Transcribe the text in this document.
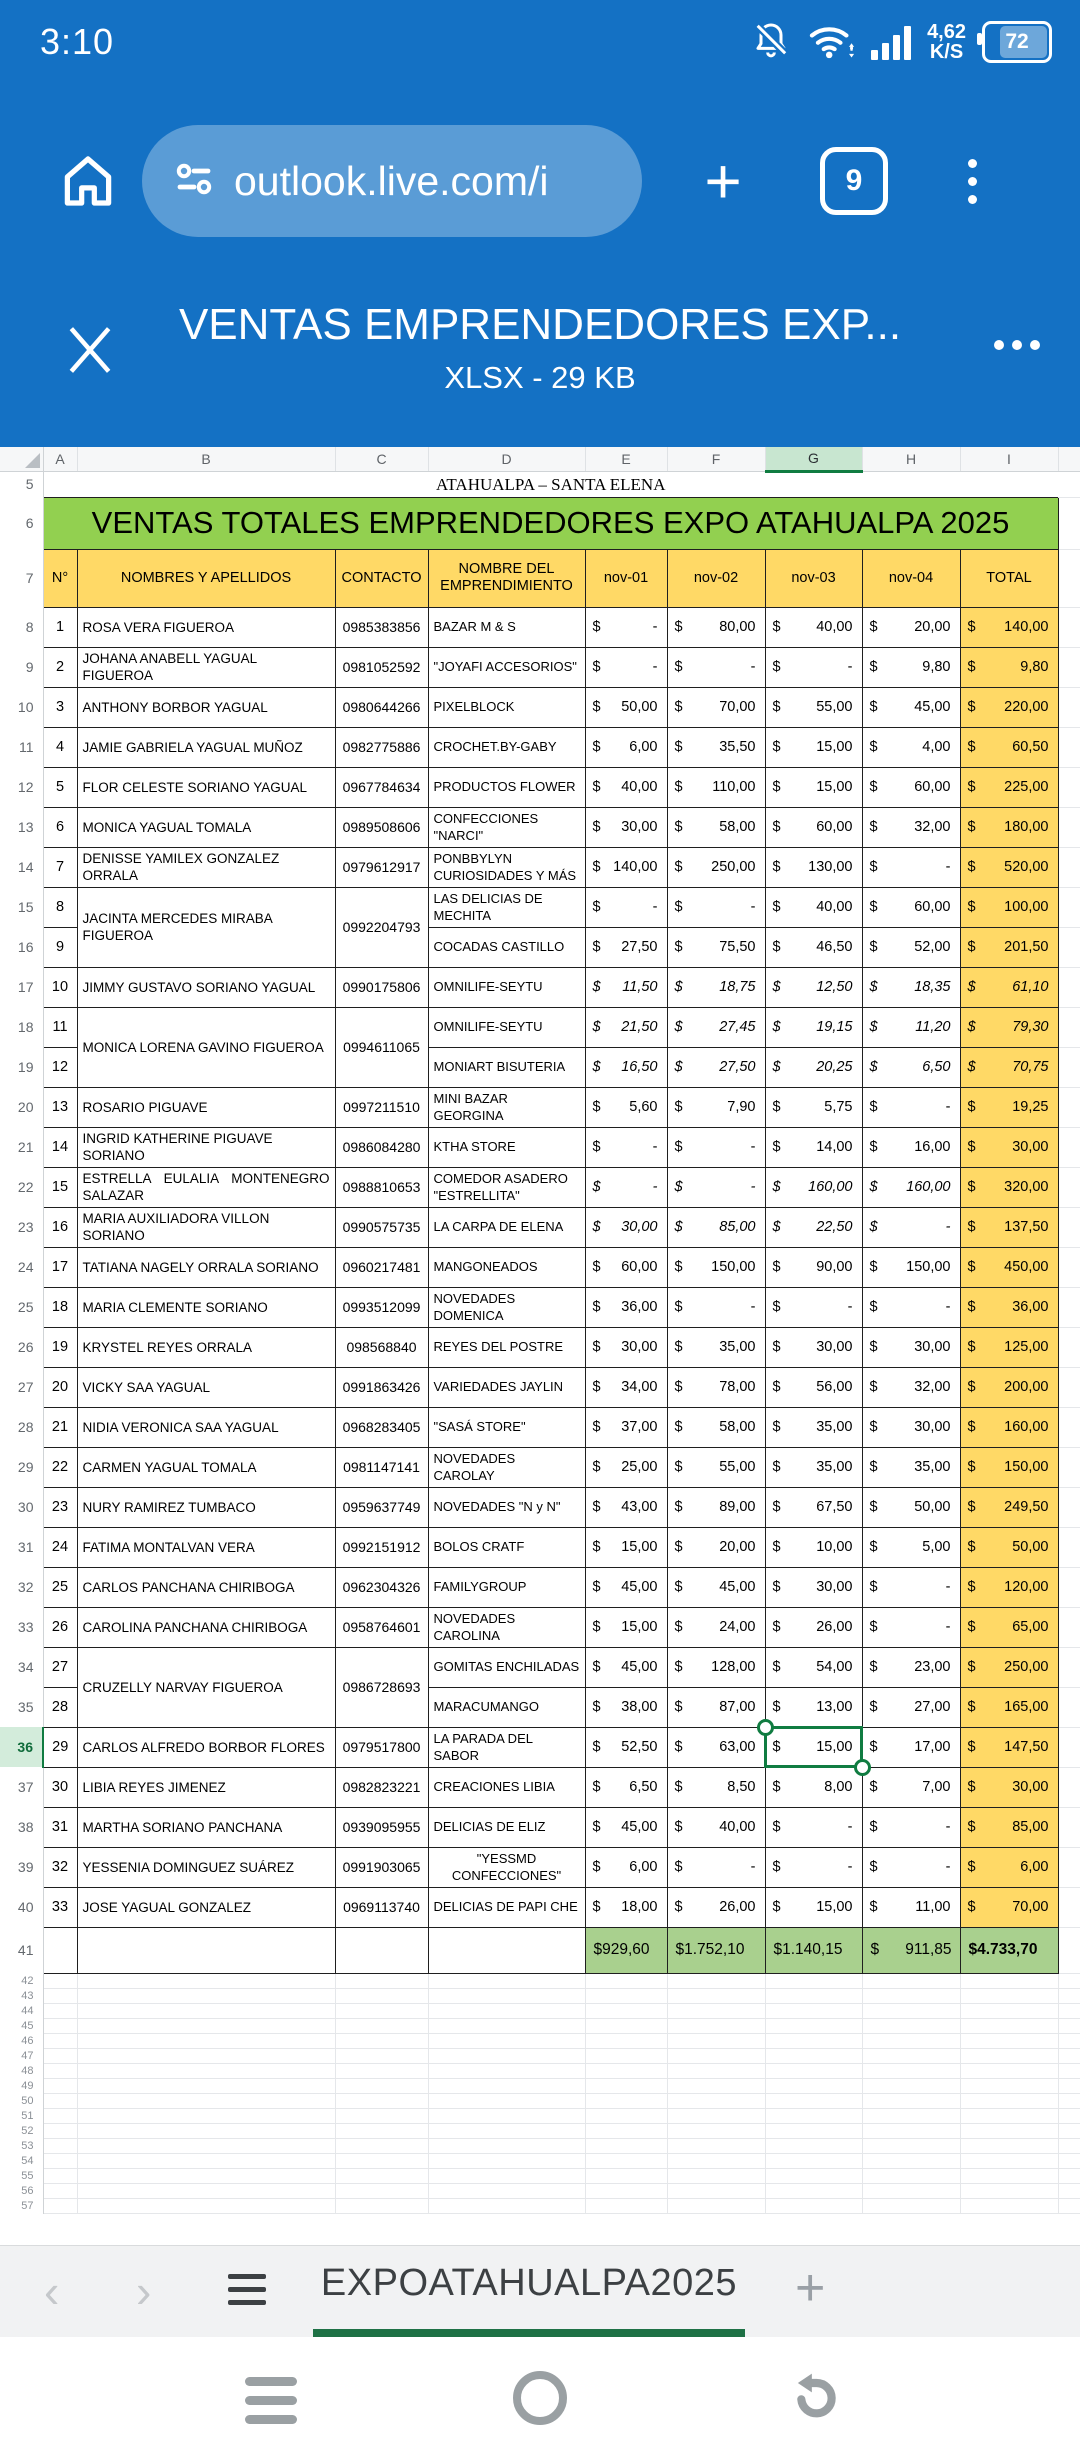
3:10	4,62
K/S 72
outlook.live.com/i +	9
VENTAS EMPRENDEDORES EXP...
XLSX - 29 KB
	A	B	C	D	E	F	G	H	I	
5	ATAHUALPA – SANTA ELENA									
6	VENTAS TOTALES EMPRENDEDORES EXPO ATAHUALPA 2025									
7	N°	NOMBRES Y APELLIDOS	CONTACTO	NOMBRE DEL EMPRENDIMIENTO	nov-01	nov-02	nov-03	nov-04	TOTAL	
8	1	ROSA VERA FIGUEROA	0985383856	BAZAR M & S	$ -	$ 80,00	$ 40,00	$ 20,00	$ 140,00	

9	2	JOHANA ANABELL YAGUAL FIGUEROA	0981052592	"JOYAFI ACCESORIOS"	$ -	$ -	$ -	$ 9,80	$ 9,80	

10	3	ANTHONY BORBOR YAGUAL	0980644266	PIXELBLOCK	$ 50,00	$ 70,00	$ 55,00	$ 45,00	$ 220,00	

11	4	JAMIE GABRIELA YAGUAL MUÑOZ	0982775886	CROCHET.BY-GABY	$ 6,00	$ 35,50	$ 15,00	$ 4,00	$ 60,50	

12	5	FLOR CELESTE SORIANO YAGUAL	0967784634	PRODUCTOS FLOWER	$ 40,00	$ 110,00	$ 15,00	$ 60,00	$ 225,00	

13	6	MONICA YAGUAL TOMALA	0989508606	CONFECCIONES "NARCI"	$ 30,00	$ 58,00	$ 60,00	$ 32,00	$ 180,00	

14	7	DENISSE YAMILEX GONZALEZ ORRALA	0979612917	PONBBYLYN CURIOSIDADES Y MÁS	$ 140,00	$ 250,00	$ 130,00	$ -	$ 520,00	

15	8	JACINTA MERCEDES MIRABA FIGUEROA	0992204793	LAS DELICIAS DE MECHITA	$ -	$ -	$ 40,00	$ 60,00	$ 100,00	

16	9			COCADAS CASTILLO	$ 27,50	$ 75,50	$ 46,50	$ 52,00	$ 201,50	

17	10	JIMMY GUSTAVO SORIANO YAGUAL	0990175806	OMNILIFE-SEYTU	$ 11,50	$ 18,75	$ 12,50	$ 18,35	$ 61,10	

18	11	MONICA LORENA GAVINO FIGUEROA	0994611065	OMNILIFE-SEYTU	$ 21,50	$ 27,45	$ 19,15	$ 11,20	$ 79,30	

19	12			MONIART BISUTERIA	$ 16,50	$ 27,50	$ 20,25	$ 6,50	$ 70,75	

20	13	ROSARIO PIGUAVE	0997211510	MINI BAZAR GEORGINA	$ 5,60	$ 7,90	$ 5,75	$ -	$ 19,25	

21	14	INGRID KATHERINE PIGUAVE SORIANO	0986084280	KTHA STORE	$ -	$ -	$ 14,00	$ 16,00	$ 30,00	

22	15	ESTRELLA EULALIA MONTENEGRO SALAZAR	0988810653	COMEDOR ASADERO "ESTRELLITA"	$ -	$ -	$ 160,00	$ 160,00	$ 320,00	

23	16	MARIA AUXILIADORA VILLON SORIANO	0990575735	LA CARPA DE ELENA	$ 30,00	$ 85,00	$ 22,50	$ -	$ 137,50	

24	17	TATIANA NAGELY ORRALA SORIANO	0960217481	MANGONEADOS	$ 60,00	$ 150,00	$ 90,00	$ 150,00	$ 450,00	

25	18	MARIA CLEMENTE SORIANO	0993512099	NOVEDADES DOMENICA	$ 36,00	$ -	$ -	$ -	$ 36,00	

26	19	KRYSTEL REYES ORRALA	098568840	REYES DEL POSTRE	$ 30,00	$ 35,00	$ 30,00	$ 30,00	$ 125,00	

27	20	VICKY SAA YAGUAL	0991863426	VARIEDADES JAYLIN	$ 34,00	$ 78,00	$ 56,00	$ 32,00	$ 200,00	

28	21	NIDIA VERONICA SAA YAGUAL	0968283405	"SASÁ STORE"	$ 37,00	$ 58,00	$ 35,00	$ 30,00	$ 160,00	

29	22	CARMEN YAGUAL TOMALA	0981147141	NOVEDADES CAROLAY	$ 25,00	$ 55,00	$ 35,00	$ 35,00	$ 150,00	

30	23	NURY RAMIREZ TUMBACO	0959637749	NOVEDADES "N y N"	$ 43,00	$ 89,00	$ 67,50	$ 50,00	$ 249,50	

31	24	FATIMA MONTALVAN VERA	0992151912	BOLOS CRATF	$ 15,00	$ 20,00	$ 10,00	$ 5,00	$ 50,00	

32	25	CARLOS PANCHANA CHIRIBOGA	0962304326	FAMILYGROUP	$ 45,00	$ 45,00	$ 30,00	$ -	$ 120,00	

33	26	CAROLINA PANCHANA CHIRIBOGA	0958764601	NOVEDADES CAROLINA	$ 15,00	$ 24,00	$ 26,00	$ -	$ 65,00	

34	27	CRUZELLY NARVAY FIGUEROA	0986728693	GOMITAS ENCHILADAS	$ 45,00	$ 128,00	$ 54,00	$ 23,00	$ 250,00	

35	28			MARACUMANGO	$ 38,00	$ 87,00	$ 13,00	$ 27,00	$ 165,00	

36	29	CARLOS ALFREDO BORBOR FLORES	0979517800	LA PARADA DEL SABOR	$ 52,50	$ 63,00	$ 15,00	$ 17,00	$ 147,50	

37	30	LIBIA REYES JIMENEZ	0982823221	CREACIONES LIBIA	$ 6,50	$ 8,50	$ 8,00	$ 7,00	$ 30,00	

38	31	MARTHA SORIANO PANCHANA	0939095955	DELICIAS DE ELIZ	$ 45,00	$ 40,00	$ -	$ -	$ 85,00	

39	32	YESSENIA DOMINGUEZ SUÁREZ	0991903065	"YESSMD CONFECCIONES"	$ 6,00	$ -	$ -	$ -	$ 6,00	

40	33	JOSE YAGUAL GONZALEZ	0969113740	DELICIAS DE PAPI CHE	$ 18,00	$ 26,00	$ 15,00	$ 11,00	$ 70,00	

41					$929,60	$1.752,10	$1.140,15	$ 911,85	$4.733,70	
42										
43										
44										
45										
46										
47										
48										
49										
50										
51										
52										
53										
54										
55										
56										
57										
‹ ›	EXPOATAHUALPA2025 +
